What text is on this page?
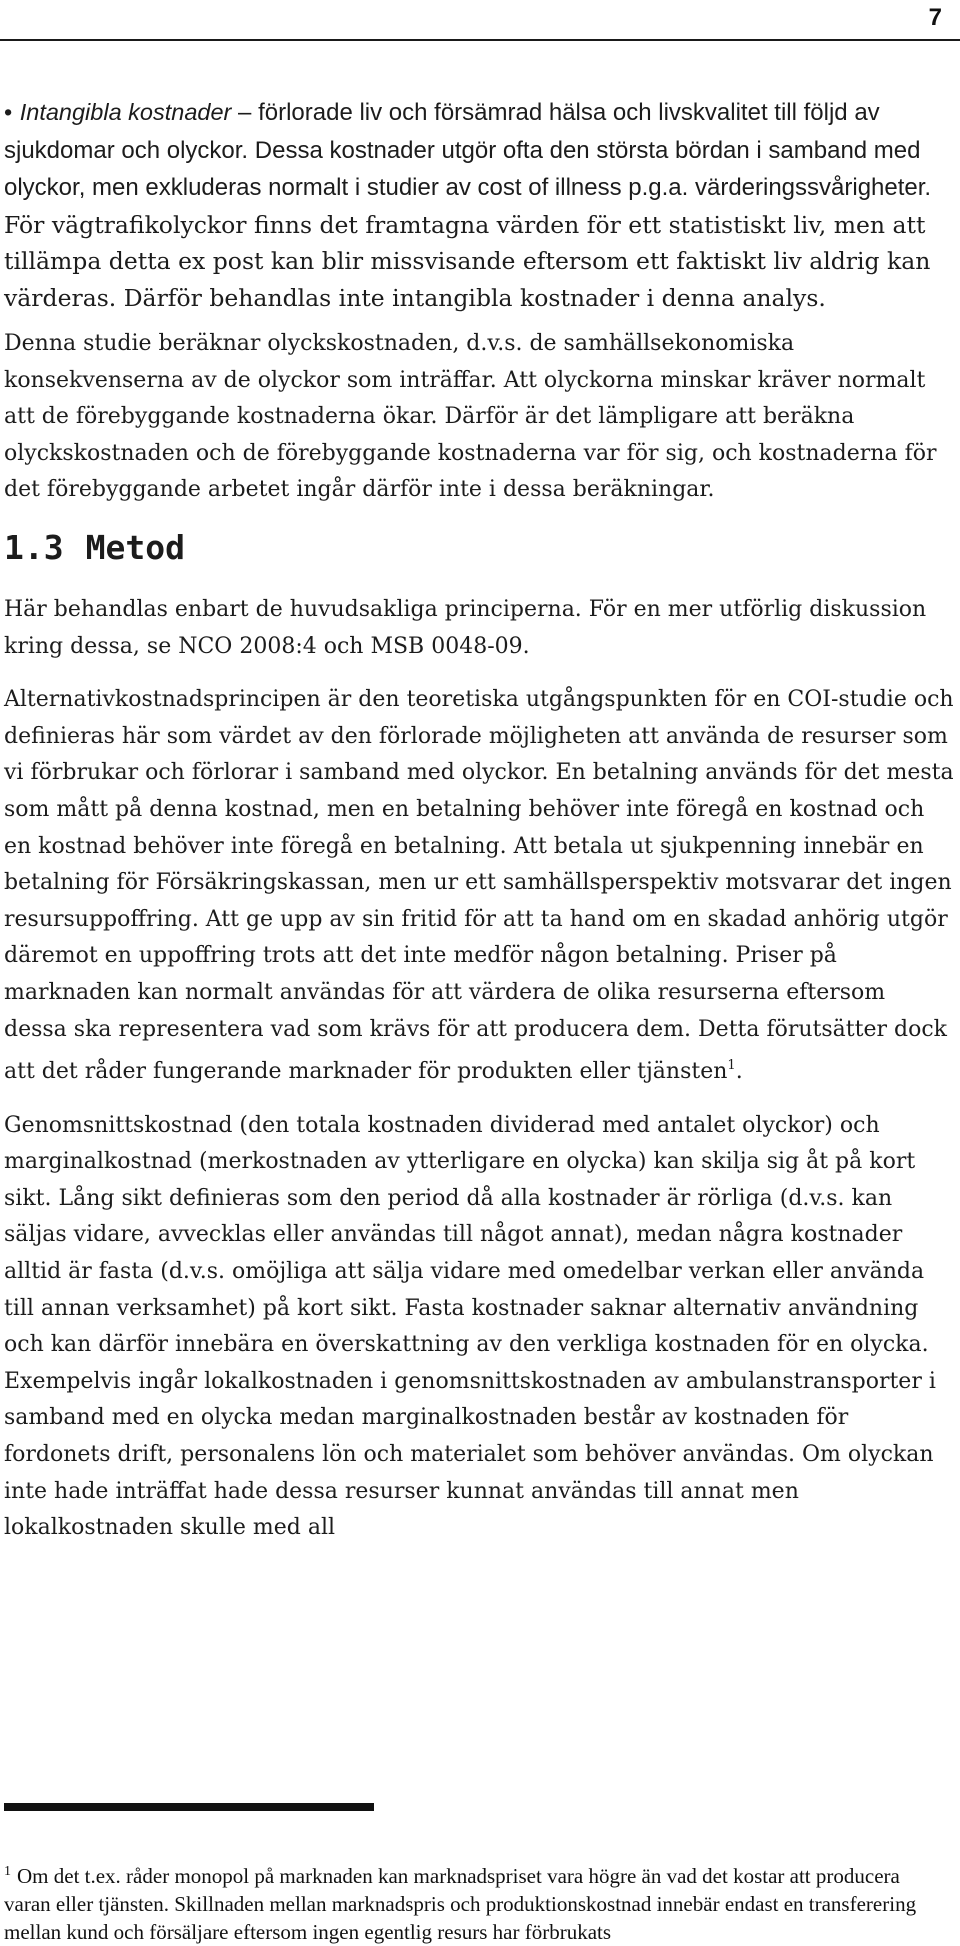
7
• Intangibla kostnader – förlorade liv och försämrad hälsa och livskvalitet till följd av sjukdomar och olyckor. Dessa kostnader utgör ofta den största bördan i samband med olyckor, men exkluderas normalt i studier av cost of illness p.g.a. värderingssvårigheter. För vägtrafikolyckor finns det framtagna värden för ett statistiskt liv, men att tillämpa detta ex post kan blir missvisande eftersom ett faktiskt liv aldrig kan värderas. Därför behandlas inte intangibla kostnader i denna analys.

Denna studie beräknar olyckskostnaden, d.v.s. de samhällsekonomiska konsekvenserna av de olyckor som inträffar. Att olyckorna minskar kräver normalt att de förebyggande kostnaderna ökar. Därför är det lämpligare att beräkna olyckskostnaden och de förebyggande kostnaderna var för sig, och kostnaderna för det förebyggande arbetet ingår därför inte i dessa beräkningar.

1.3 Metod

Här behandlas enbart de huvudsakliga principerna. För en mer utförlig diskussion kring dessa, se NCO 2008:4 och MSB 0048-09.

Alternativkostnadsprincipen är den teoretiska utgångspunkten för en COI-studie och definieras här som värdet av den förlorade möjligheten att använda de resurser som vi förbrukar och förlorar i samband med olyckor. En betalning används för det mesta som mått på denna kostnad, men en betalning behöver inte föregå en kostnad och en kostnad behöver inte föregå en betalning. Att betala ut sjukpenning innebär en betalning för Försäkringskassan, men ur ett samhällsperspektiv motsvarar det ingen resursuppoffring. Att ge upp av sin fritid för att ta hand om en skadad anhörig utgör däremot en uppoffring trots att det inte medför någon betalning. Priser på marknaden kan normalt användas för att värdera de olika resurserna eftersom dessa ska representera vad som krävs för att producera dem. Detta förutsätter dock att det råder fungerande marknader för produkten eller tjänsten$^1$.

Genomsnittskostnad (den totala kostnaden dividerad med antalet olyckor) och marginalkostnad (merkostnaden av ytterligare en olycka) kan skilja sig åt på kort sikt. Lång sikt definieras som den period då alla kostnader är rörliga (d.v.s. kan säljas vidare, avvecklas eller användas till något annat), medan några kostnader alltid är fasta (d.v.s. omöjliga att sälja vidare med omedelbar verkan eller använda till annan verksamhet) på kort sikt. Fasta kostnader saknar alternativ användning och kan därför innebära en överskattning av den verkliga kostnaden för en olycka. Exempelvis ingår lokalkostnaden i genomsnittskostnaden av ambulanstransporter i samband med en olycka medan marginalkostnaden består av kostnaden för fordonets drift, personalens lön och materialet som behöver användas. Om olyckan inte hade inträffat hade dessa resurser kunnat användas till annat men lokalkostnaden skulle med all

$^1$ Om det t.ex. råder monopol på marknaden kan marknadspriset vara högre än vad det kostar att producera varan eller tjänsten. Skillnaden mellan marknadspris och produktionskostnad innebär endast en transferering mellan kund och försäljare eftersom ingen egentlig resurs har förbrukats
